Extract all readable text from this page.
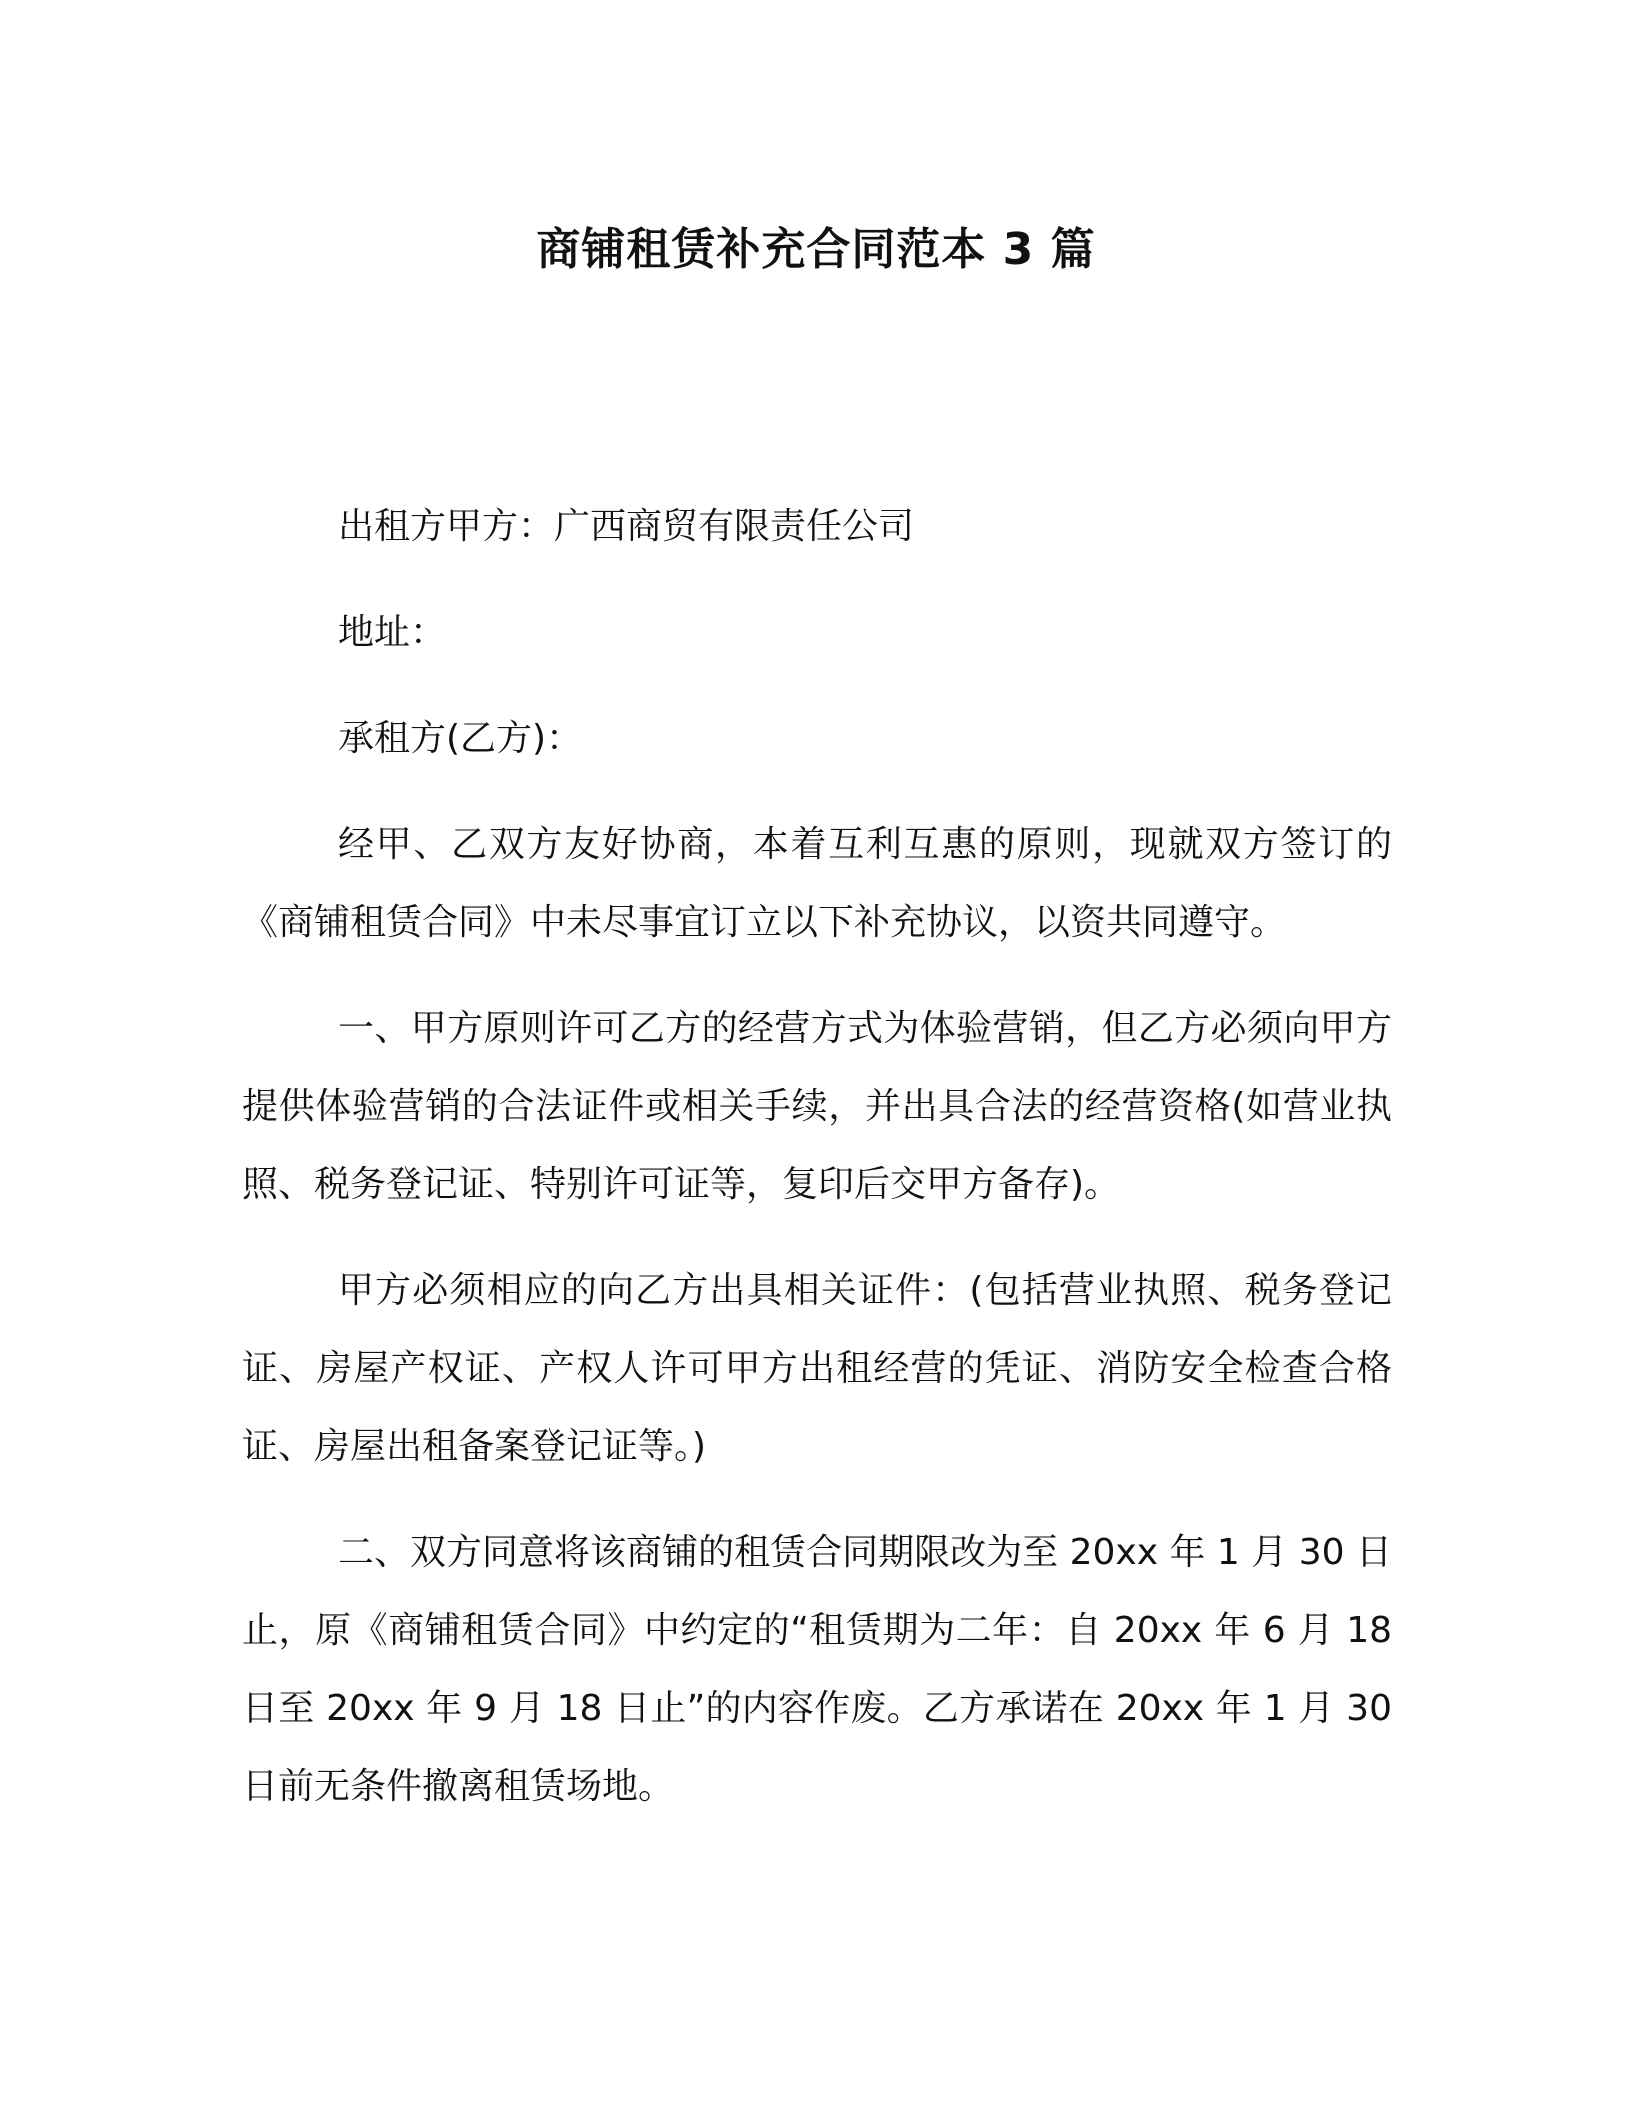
商铺租赁补充合同范本 3 篇

出租方甲方：广西商贸有限责任公司

地址：

承租方(乙方)：

经甲、乙双方友好协商，本着互利互惠的原则，现就双方签订的《商铺租赁合同》中未尽事宜订立以下补充协议，以资共同遵守。

一、甲方原则许可乙方的经营方式为体验营销，但乙方必须向甲方提供体验营销的合法证件或相关手续，并出具合法的经营资格(如营业执照、税务登记证、特别许可证等，复印后交甲方备存)。

甲方必须相应的向乙方出具相关证件：(包括营业执照、税务登记证、房屋产权证、产权人许可甲方出租经营的凭证、消防安全检查合格证、房屋出租备案登记证等。)

二、双方同意将该商铺的租赁合同期限改为至 20xx 年 1 月 30 日止，原《商铺租赁合同》中约定的“租赁期为二年：自 20xx 年 6 月 18 日至 20xx 年 9 月 18 日止”的内容作废。乙方承诺在 20xx 年 1 月 30 日前无条件撤离租赁场地。
